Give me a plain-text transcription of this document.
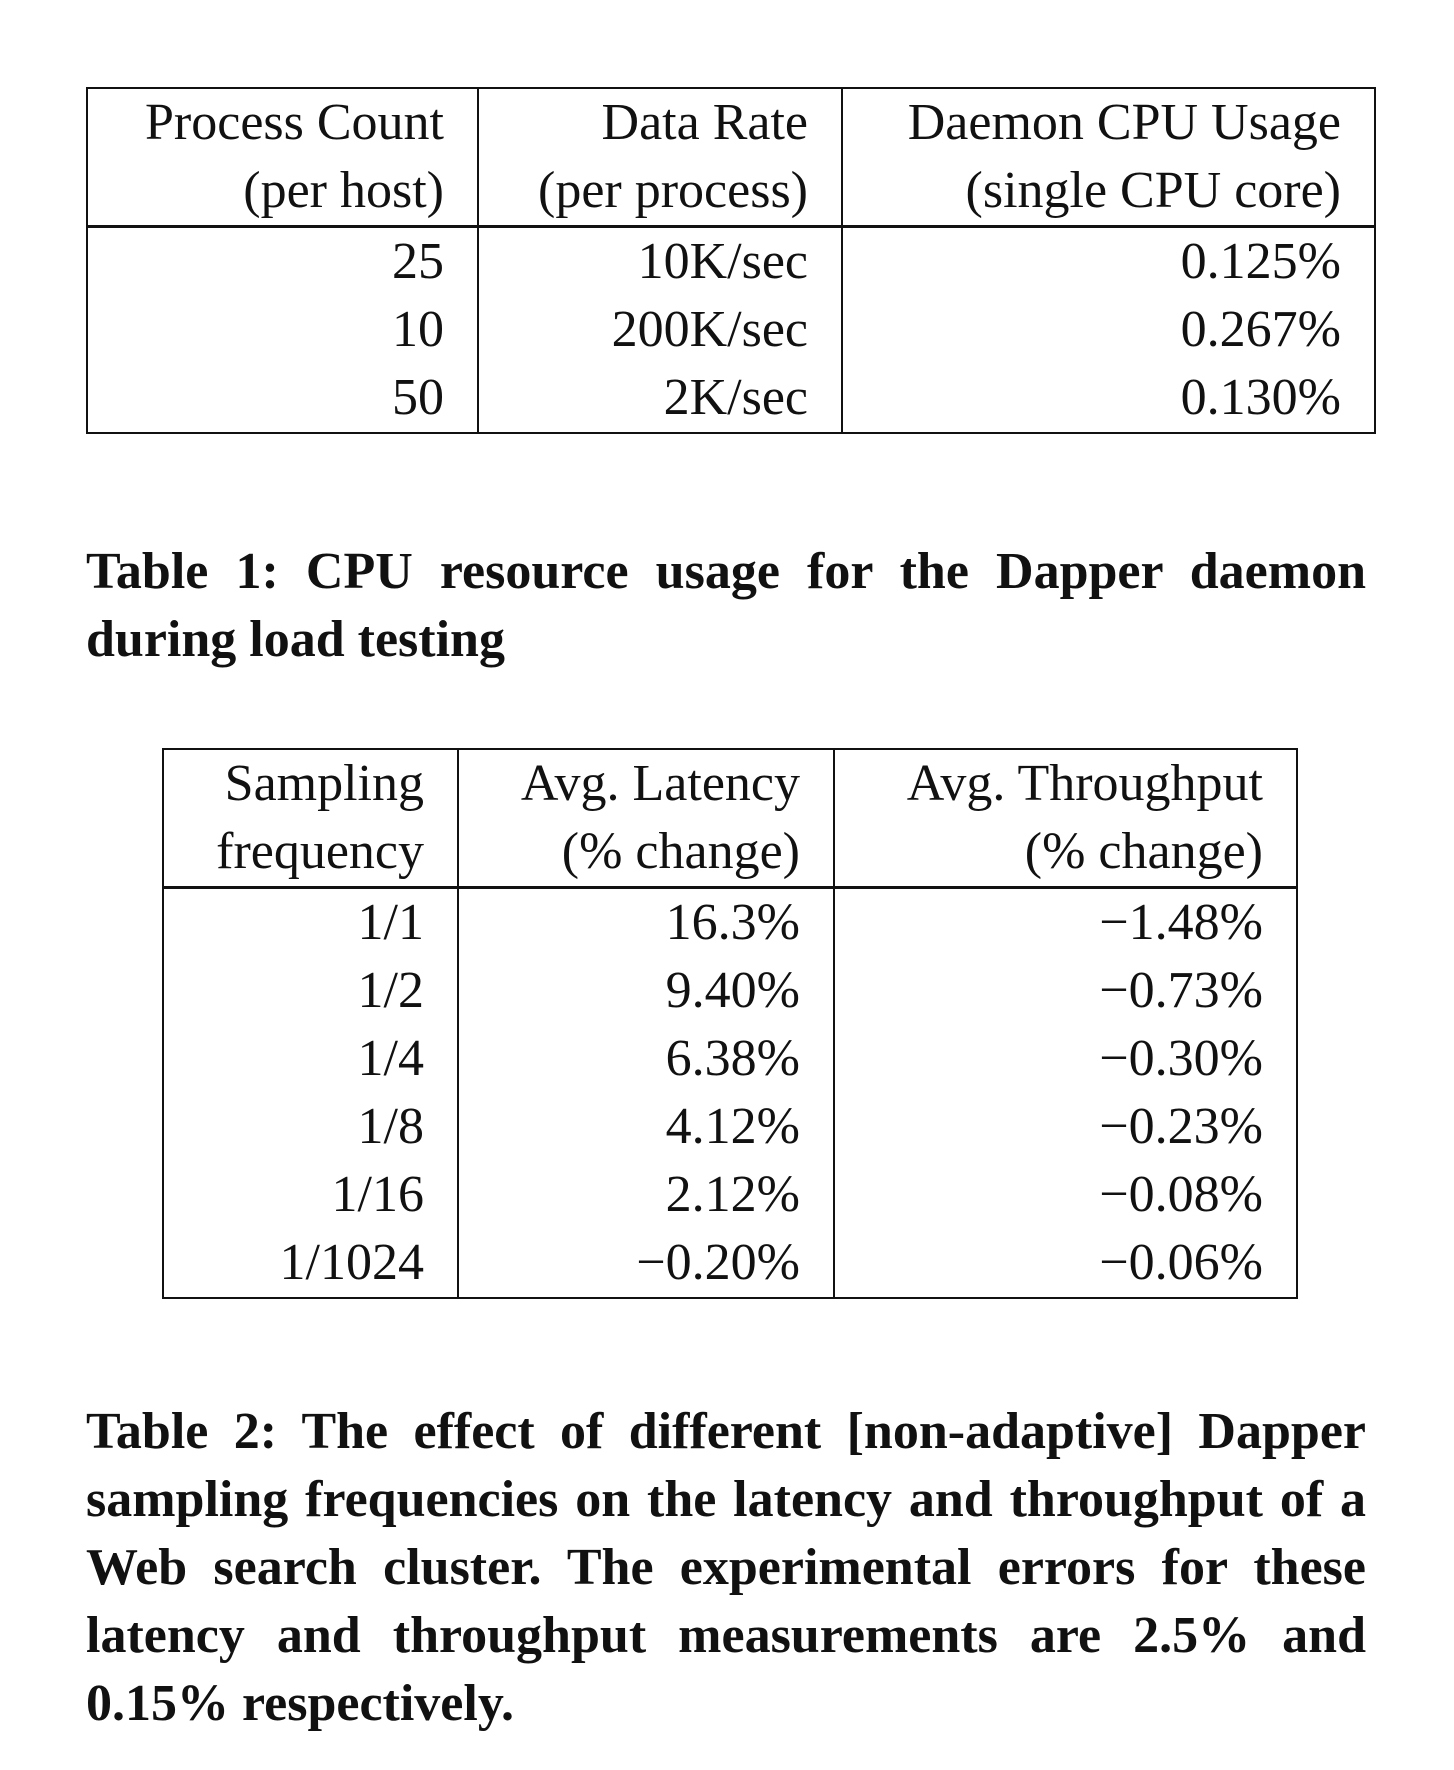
Process Count	Data Rate	Daemon CPU Usage
(per host)	(per process)	(single CPU core)
25	10K/sec	0.125%
10	200K/sec	0.267%
50	2K/sec	0.130%

Table 1: CPU resource usage for the Dapper daemon during load testing

Sampling	Avg. Latency	Avg. Throughput
frequency	(% change)	(% change)
1/1	16.3%	−1.48%
1/2	9.40%	−0.73%
1/4	6.38%	−0.30%
1/8	4.12%	−0.23%
1/16	2.12%	−0.08%
1/1024	−0.20%	−0.06%

Table 2: The effect of different [non-adaptive] Dapper sampling frequencies on the latency and throughput of a Web search cluster. The experimental errors for these latency and throughput measurements are 2.5% and 0.15% respectively.
